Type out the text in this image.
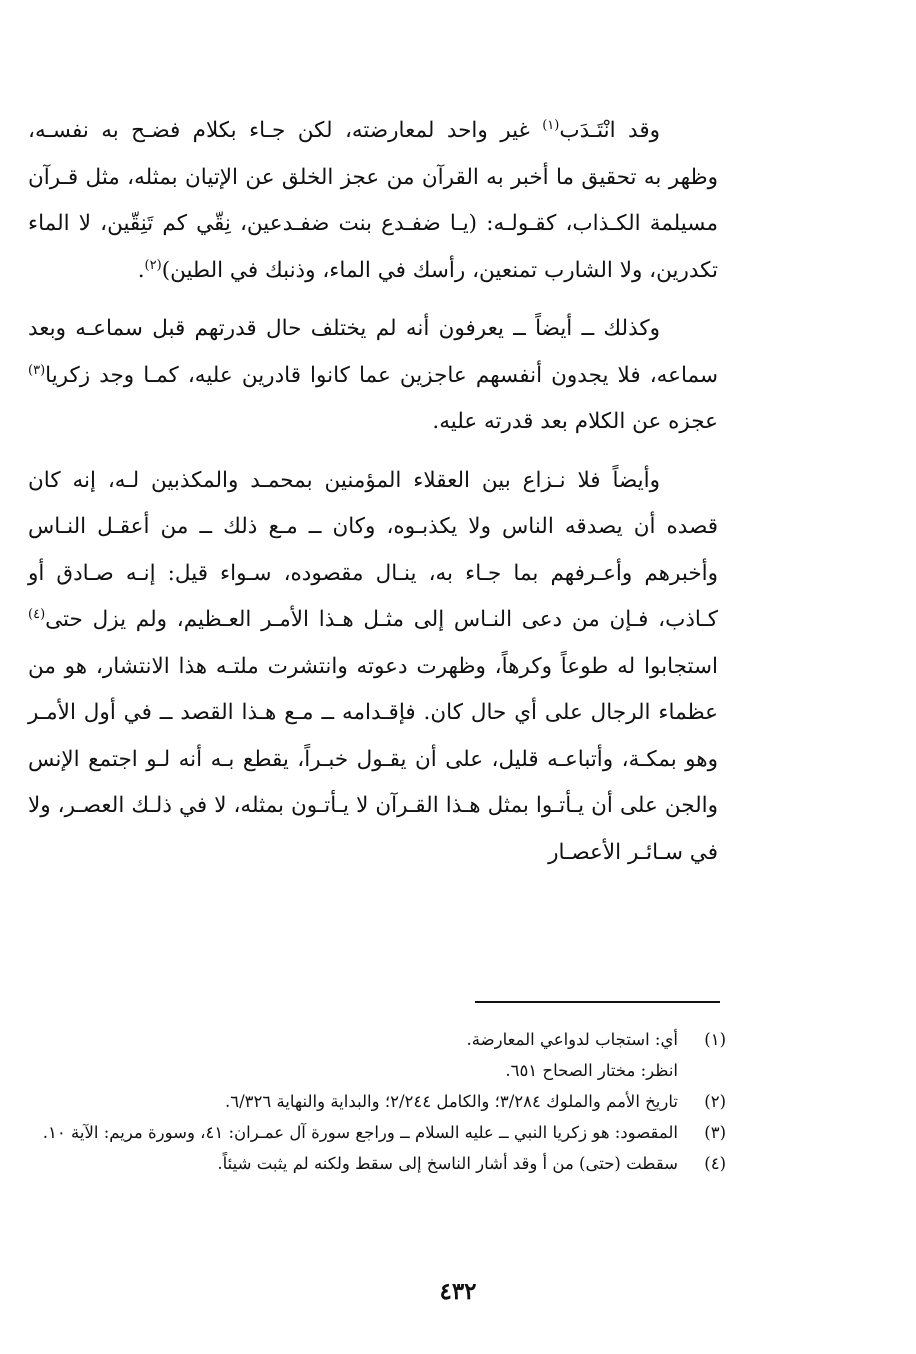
وقد انْتَـدَب$^{(١)}$ غير واحد لمعارضته، لكن جـاء بكلام فضـح به نفسـه، وظهر به تحقيق ما أخبر به القرآن من عجز الخلق عن الإتيان بمثله، مثل قـرآن مسيلمة الكـذاب، كقـولـه: (يـا ضفـدع بنت ضفـدعين، نِقّي كم تَنِقّين، لا الماء تكدرين، ولا الشارب تمنعين، رأسك في الماء، وذنبك في الطين)$^{(٢)}$.

وكذلك ــ أيضاً ــ يعرفون أنه لم يختلف حال قدرتهم قبل سماعـه وبعد سماعه، فلا يجدون أنفسهم عاجزين عما كانوا قادرين عليه، كمـا وجد زكريا$^{(٣)}$ عجزه عن الكلام بعد قدرته عليه.

وأيضاً فلا نـزاع بين العقلاء المؤمنين بمحمـد والمكذبين لـه، إنه كان قصده أن يصدقه الناس ولا يكذبـوه، وكان ــ مـع ذلك ــ من أعقـل النـاس وأخبرهم وأعـرفهم بما جـاء به، ينـال مقصوده، سـواء قيل: إنـه صـادق أو كـاذب، فـإن من دعى النـاس إلى مثـل هـذا الأمـر العـظيم، ولم يزل حتى$^{(٤)}$ استجابوا له طوعاً وكرهاً، وظهرت دعوته وانتشرت ملتـه هذا الانتشار، هو من عظماء الرجال على أي حال كان. فإقـدامه ــ مـع هـذا القصد ــ في أول الأمـر وهو بمكـة، وأتباعـه قليل، على أن يقـول خبـراً، يقطع بـه أنه لـو اجتمع الإنس والجن على أن يـأتـوا بمثل هـذا القـرآن لا يـأتـون بمثله، لا في ذلـك العصـر، ولا في سـائـر الأعصـار

(١)
أي: استجاب لدواعي المعارضة.
انظر: مختار الصحاح ٦٥١.
(٢)
تاريخ الأمم والملوك ٣/٢٨٤؛ والكامل ٢/٢٤٤؛ والبداية والنهاية ٦/٣٢٦.
(٣)
المقصود: هو زكريا النبي ــ عليه السلام ــ وراجع سورة آل عمـران: ٤١، وسورة مريم: الآية ١٠.
(٤)
سقطت (حتى) من أ وقد أشار الناسخ إلى سقط ولكنه لم يثبت شيئاً.
٤٣٢
